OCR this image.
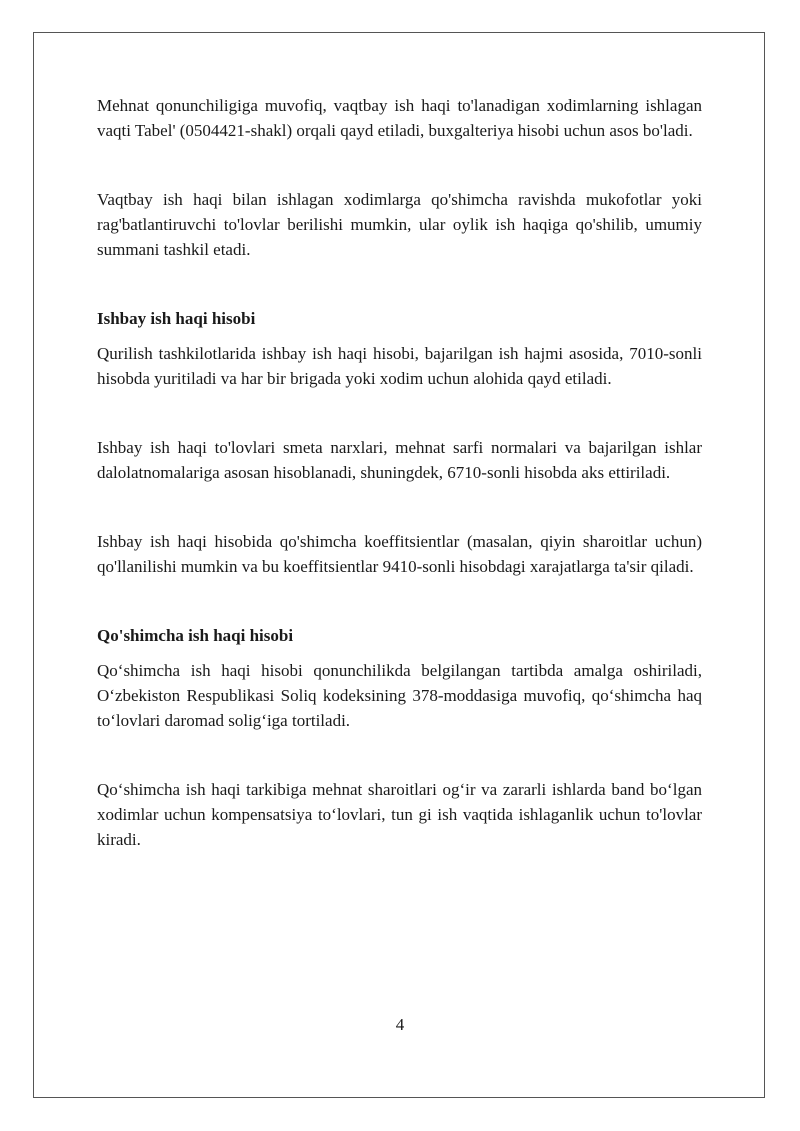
Mehnat qonunchiligiga muvofiq, vaqtbay ish haqi to'lanadigan xodimlarning ishlagan vaqti Tabel' (0504421-shakl) orqali qayd etiladi, buxgalteriya hisobi uchun asos bo'ladi.

Vaqtbay ish haqi bilan ishlagan xodimlarga qo'shimcha ravishda mukofotlar yoki rag'batlantiruvchi to'lovlar berilishi mumkin, ular oylik ish haqiga qo'shilib, umumiy summani tashkil etadi.

Ishbay ish haqi hisobi

Qurilish tashkilotlarida ishbay ish haqi hisobi, bajarilgan ish hajmi asosida, 7010-sonli hisobda yuritiladi va har bir brigada yoki xodim uchun alohida qayd etiladi.

Ishbay ish haqi to'lovlari smeta narxlari, mehnat sarfi normalari va bajarilgan ishlar dalolatnomalariga asosan hisoblanadi, shuningdek, 6710-sonli hisobda aks ettiriladi.

Ishbay ish haqi hisobida qo'shimcha koeffitsientlar (masalan, qiyin sharoitlar uchun) qo'llanilishi mumkin va bu koeffitsientlar 9410-sonli hisobdagi xarajatlarga ta'sir qiladi.

Qo'shimcha ish haqi hisobi

Qo‘shimcha ish haqi hisobi qonunchilikda belgilangan tartibda amalga oshiriladi, O‘zbekiston Respublikasi Soliq kodeksining 378-moddasiga muvofiq, qo‘shimcha haq to‘lovlari daromad solig‘iga tortiladi.

Qo‘shimcha ish haqi tarkibiga mehnat sharoitlari og‘ir va zararli ishlarda band bo‘lgan xodimlar uchun kompensatsiya to‘lovlari, tun gi ish vaqtida ishlaganlik uchun to'lovlar kiradi.

4
